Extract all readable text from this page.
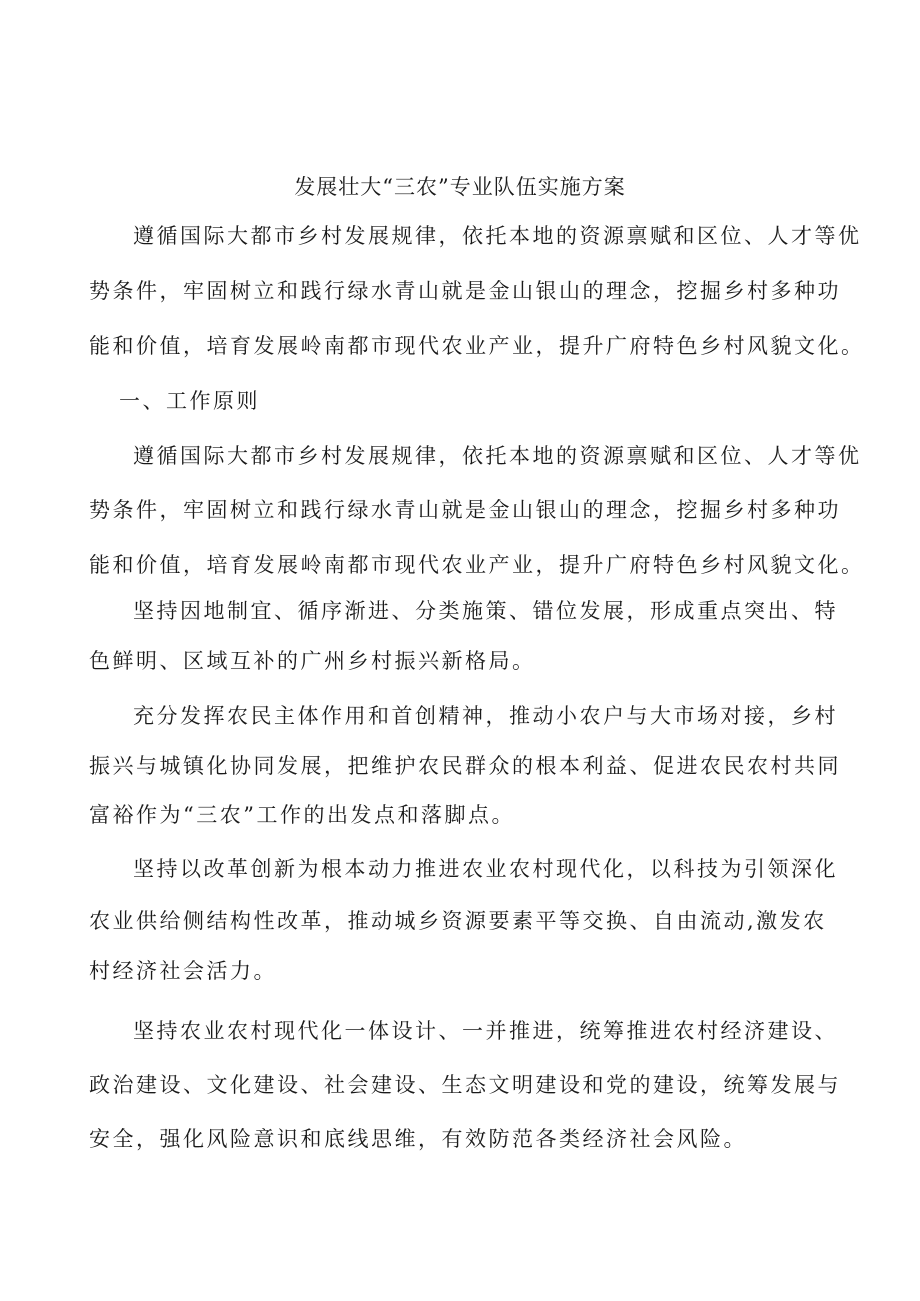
发展壮大“三农”专业队伍实施方案
遵循国际大都市乡村发展规律，依托本地的资源禀赋和区位、人才等优
势条件，牢固树立和践行绿水青山就是金山银山的理念，挖掘乡村多种功
能和价值，培育发展岭南都市现代农业产业，提升广府特色乡村风貌文化。
一、工作原则
遵循国际大都市乡村发展规律，依托本地的资源禀赋和区位、人才等优
势条件，牢固树立和践行绿水青山就是金山银山的理念，挖掘乡村多种功
能和价值，培育发展岭南都市现代农业产业，提升广府特色乡村风貌文化。
坚持因地制宜、循序渐进、分类施策、错位发展，形成重点突出、特
色鲜明、区域互补的广州乡村振兴新格局。
充分发挥农民主体作用和首创精神，推动小农户与大市场对接，乡村
振兴与城镇化协同发展，把维护农民群众的根本利益、促进农民农村共同
富裕作为“三农”工作的出发点和落脚点。
坚持以改革创新为根本动力推进农业农村现代化，以科技为引领深化
农业供给侧结构性改革，推动城乡资源要素平等交换、自由流动,激发农
村经济社会活力。
坚持农业农村现代化一体设计、一并推进，统筹推进农村经济建设、
政治建设、文化建设、社会建设、生态文明建设和党的建设，统筹发展与
安全，强化风险意识和底线思维，有效防范各类经济社会风险。
